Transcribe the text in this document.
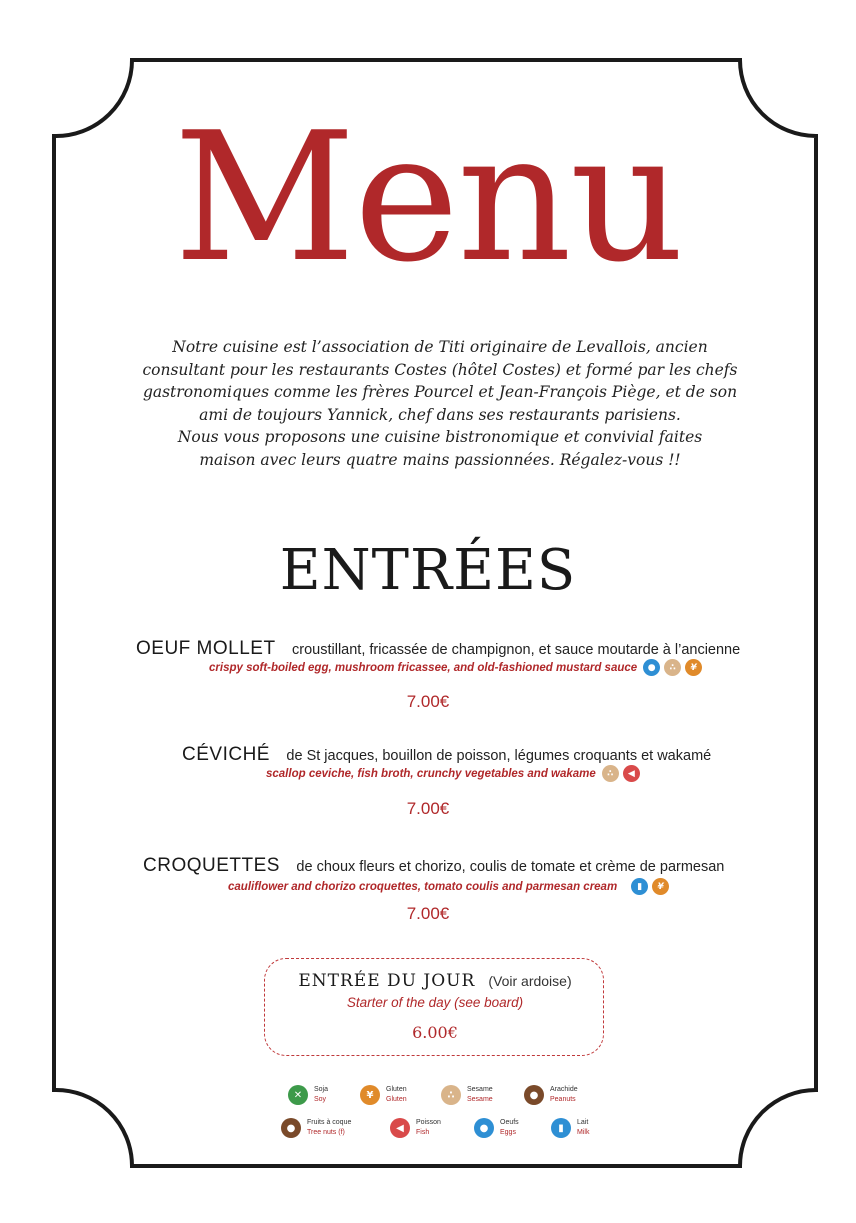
Menu
Notre cuisine est l’association de Titi originaire de Levallois, ancien
consultant pour les restaurants Costes (hôtel Costes) et formé par les chefs
gastronomiques comme les frères Pourcel et Jean-François Piège, et de son
ami de toujours Yannick, chef dans ses restaurants parisiens.
Nous vous proposons une cuisine bistronomique et convivial faites
maison avec leurs quatre mains passionnées. Régalez-vous !!
ENTRÉES
OEUF MOLLET croustillant, fricassée de champignon, et sauce moutarde à l’ancienne
crispy soft-boiled egg, mushroom fricassee, and old-fashioned mustard sauce	●	∴	¥
7.00€
CÉVICHÉ de St jacques, bouillon de poisson, légumes croquants et wakamé
scallop ceviche, fish broth, crunchy vegetables and wakame	∴	◀
7.00€
CROQUETTES de choux fleurs et chorizo, coulis de tomate et crème de parmesan
cauliflower and chorizo croquettes, tomato coulis and parmesan cream	▮	¥
7.00€
ENTRÉE DU JOUR (Voir ardoise)
Starter of the day (see board)
6.00€
✕	Soja
Soy	¥	Gluten
Gluten	∴	Sesame
Sesame	●	Arachide
Peanuts
●	Fruits à coque
Tree nuts (f)	◀	Poisson
Fish	●	Oeufs
Eggs	▮	Lait
Milk
